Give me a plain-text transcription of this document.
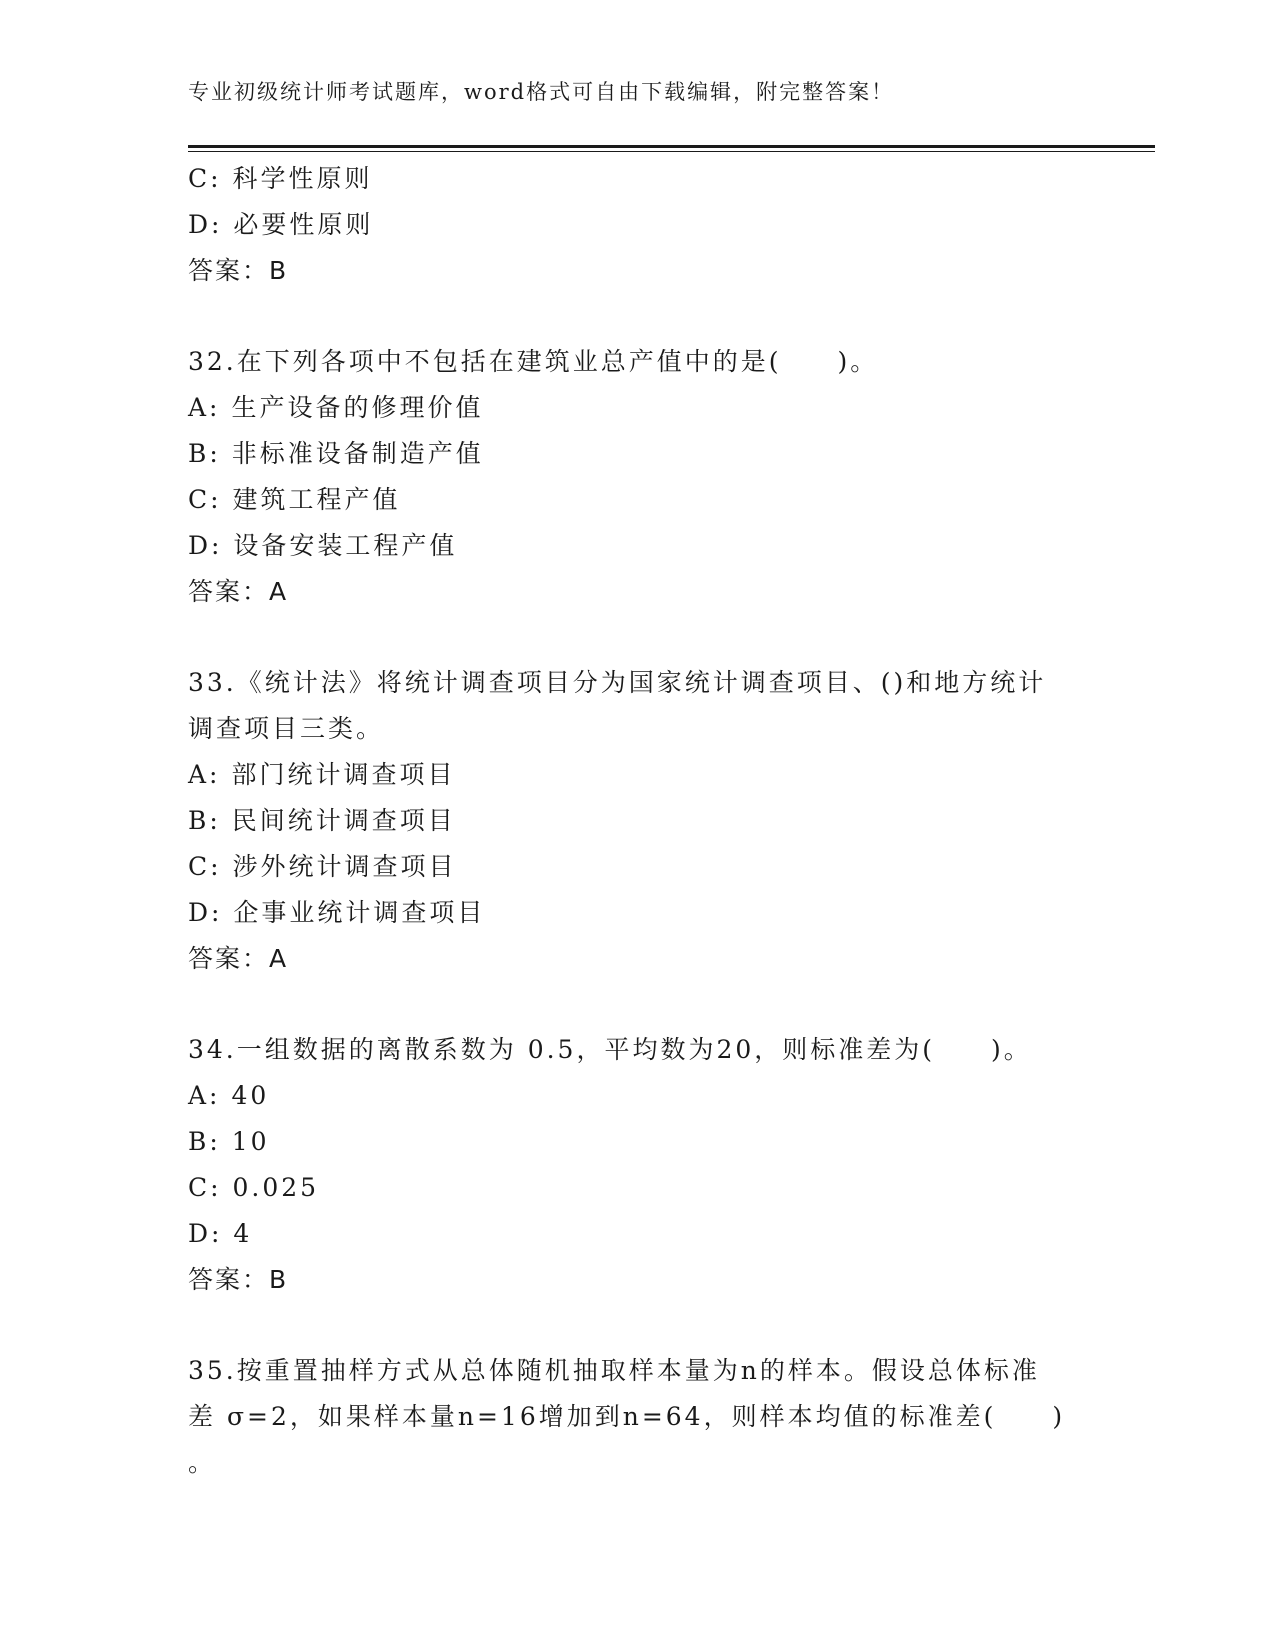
专业初级统计师考试题库，word格式可自由下载编辑，附完整答案！
C: 科学性原则
D: 必要性原则
答案：B
32.在下列各项中不包括在建筑业总产值中的是(　　)。
A: 生产设备的修理价值
B: 非标准设备制造产值
C: 建筑工程产值
D: 设备安装工程产值
答案：A
33.《统计法》将统计调查项目分为国家统计调查项目、()和地方统计
调查项目三类。
A: 部门统计调查项目
B: 民间统计调查项目
C: 涉外统计调查项目
D: 企事业统计调查项目
答案：A
34.一组数据的离散系数为 0.5，平均数为20，则标准差为(　　)。
A: 40
B: 10
C: 0.025
D: 4
答案：B
35.按重置抽样方式从总体随机抽取样本量为n的样本。假设总体标准
差 σ=2，如果样本量n=16增加到n=64，则样本均值的标准差(　　)
。
